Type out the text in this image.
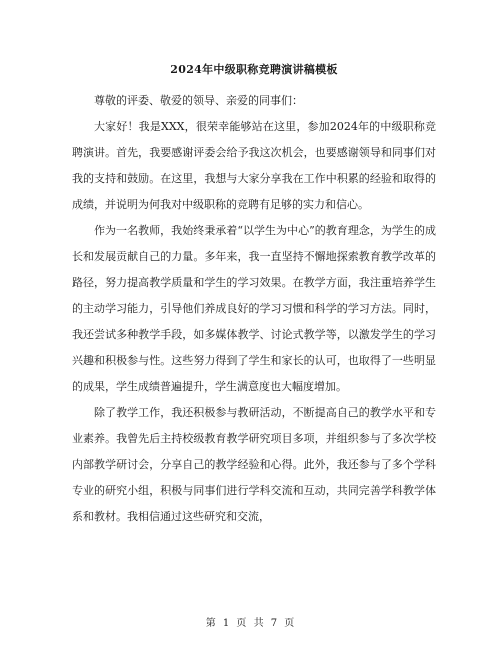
2024年中级职称竞聘演讲稿模板

尊敬的评委、敬爱的领导、亲爱的同事们：

大家好！我是XXX，很荣幸能够站在这里，参加2024年的中级职称竞聘演讲。首先，我要感谢评委会给予我这次机会，也要感谢领导和同事们对我的支持和鼓励。在这里，我想与大家分享我在工作中积累的经验和取得的成绩，并说明为何我对中级职称的竞聘有足够的实力和信心。

作为一名教师，我始终秉承着“以学生为中心”的教育理念，为学生的成长和发展贡献自己的力量。多年来，我一直坚持不懈地探索教育教学改革的路径，努力提高教学质量和学生的学习效果。在教学方面，我注重培养学生的主动学习能力，引导他们养成良好的学习习惯和科学的学习方法。同时，我还尝试多种教学手段，如多媒体教学、讨论式教学等，以激发学生的学习兴趣和积极参与性。这些努力得到了学生和家长的认可，也取得了一些明显的成果，学生成绩普遍提升，学生满意度也大幅度增加。

除了教学工作，我还积极参与教研活动，不断提高自己的教学水平和专业素养。我曾先后主持校级教育教学研究项目多项，并组织参与了多次学校内部教学研讨会，分享自己的教学经验和心得。此外，我还参与了多个学科专业的研究小组，积极与同事们进行学科交流和互动，共同完善学科教学体系和教材。我相信通过这些研究和交流，

第 1 页 共 7 页
